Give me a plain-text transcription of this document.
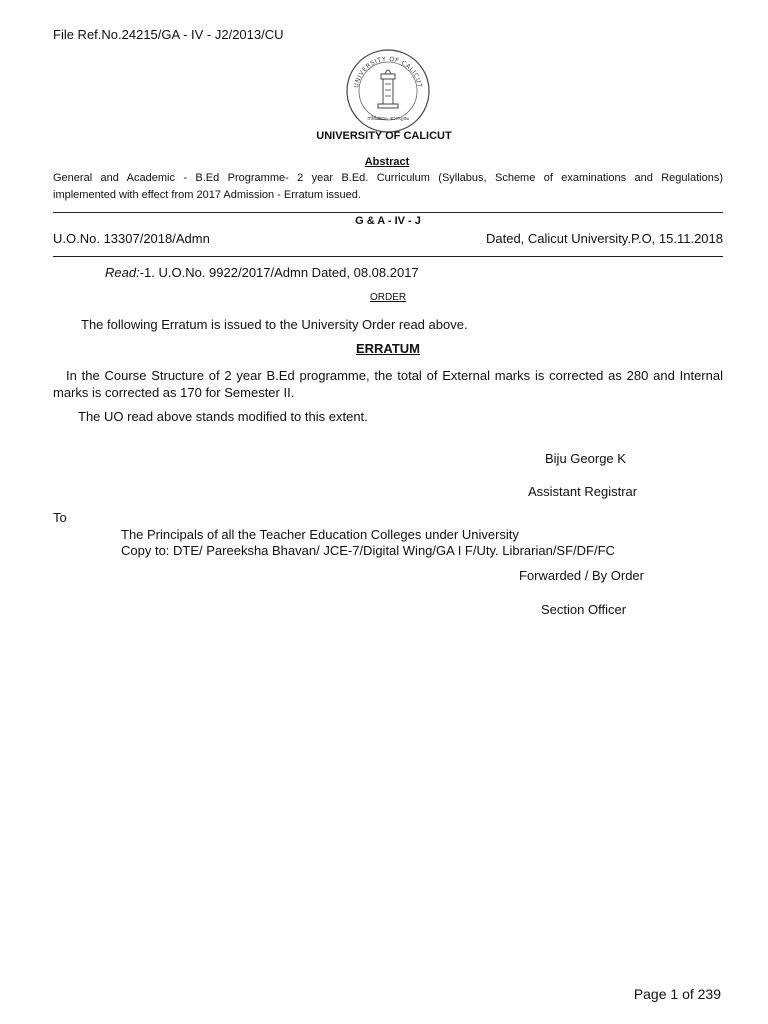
File Ref.No.24215/GA - IV - J2/2013/CU
UNIVERSITY OF CALICUT
നിർമ്മലം ഭാസ്വരം
UNIVERSITY OF CALICUT
Abstract
General and Academic - B.Ed Programme- 2 year B.Ed. Curriculum (Syllabus, Scheme of examinations and Regulations)
implemented with effect from 2017 Admission - Erratum issued.
G & A - IV - J
U.O.No. 13307/2018/Admn	Dated, Calicut University.P.O, 15.11.2018
Read:-1. U.O.No. 9922/2017/Admn Dated, 08.08.2017
ORDER
The following Erratum is issued to the University Order read above.
ERRATUM
In the Course Structure of 2 year B.Ed programme, the total of External marks is corrected as 280 and Internal marks is corrected as 170 for Semester II.
The UO read above stands modified to this extent.
Biju George K
Assistant Registrar
To
The Principals of all the Teacher Education Colleges under University
Copy to: DTE/ Pareeksha Bhavan/ JCE-7/Digital Wing/GA I F/Uty. Librarian/SF/DF/FC
Forwarded / By Order
Section Officer
Page 1 of 239
